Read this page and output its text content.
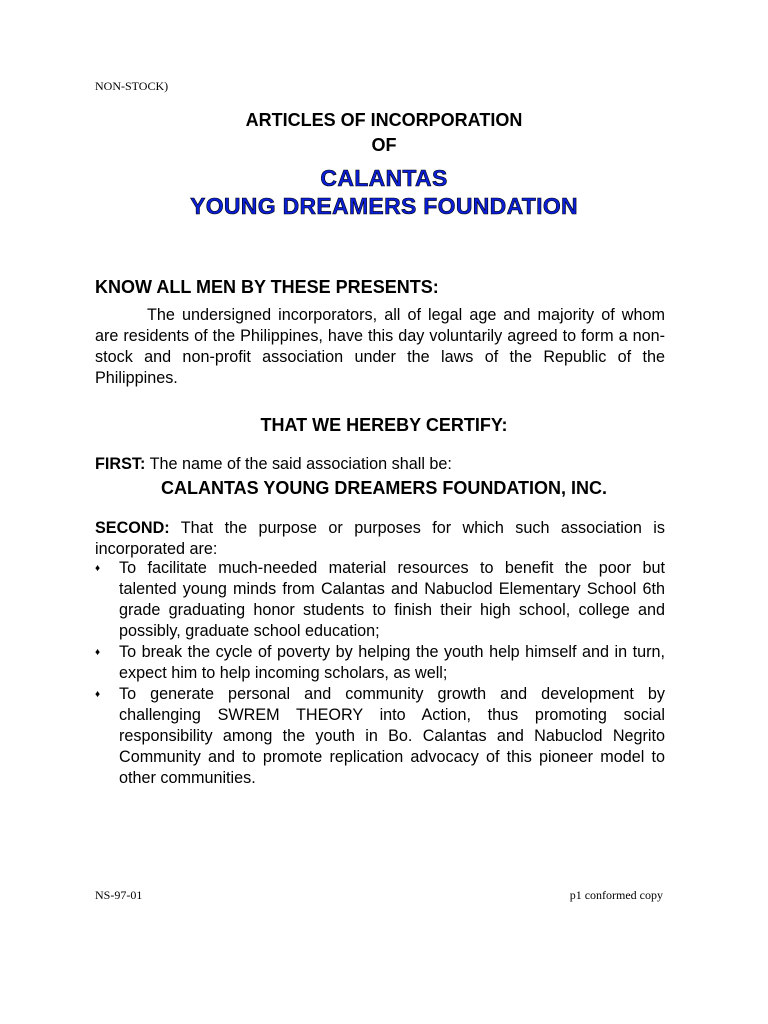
NON-STOCK)
ARTICLES OF INCORPORATION
OF
CALANTAS
YOUNG DREAMERS FOUNDATION
KNOW ALL MEN BY THESE PRESENTS:
The undersigned incorporators, all of legal age and majority of whom are residents of the Philippines, have this day voluntarily agreed to form a non-stock and non-profit association under the laws of the Republic of the Philippines.
THAT WE HEREBY CERTIFY:
FIRST: The name of the said association shall be:
CALANTAS YOUNG DREAMERS FOUNDATION, INC.
SECOND: That the purpose or purposes for which such association is incorporated are:
♦ To facilitate much-needed material resources to benefit the poor but talented young minds from Calantas and Nabuclod Elementary School 6th grade graduating honor students to finish their high school, college and possibly, graduate school education;
♦ To break the cycle of poverty by helping the youth help himself and in turn, expect him to help incoming scholars, as well;
♦ To generate personal and community growth and development by challenging SWREM THEORY into Action, thus promoting social responsibility among the youth in Bo. Calantas and Nabuclod Negrito Community and to promote replication advocacy of this pioneer model to other communities.
NS-97-01	p1 conformed copy
